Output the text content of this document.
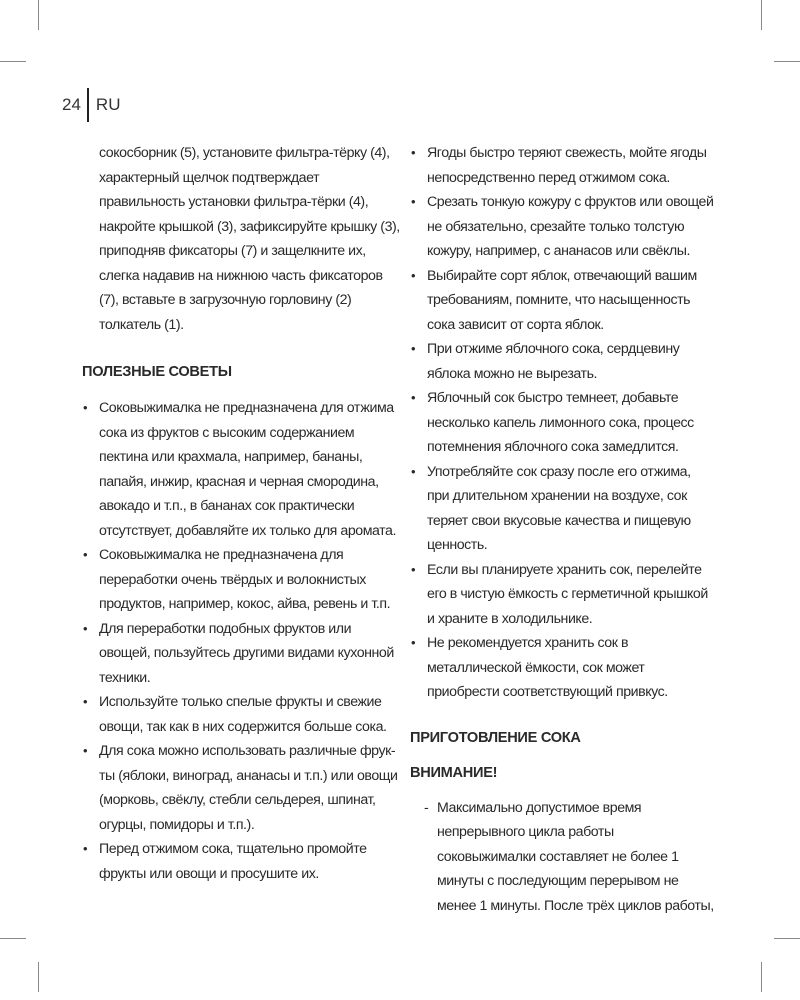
24 RU

сокосборник (5), установите фильтра-тёрку (4), характерный щелчок подтверждает правильность установки фильтра-тёрки (4), накройте крышкой (3), зафиксируйте крышку (3), приподняв фиксаторы (7) и защелкните их, слегка надавив на нижнюю часть фиксаторов (7), вставьте в загрузочную горловину (2) толкатель (1).

ПОЛЕЗНЫЕ СОВЕТЫ
• Соковыжималка не предназначена для отжима сока из фруктов с высоким содержанием пектина или крахмала, например, бананы, папайя, инжир, красная и черная смородина, авокадо и т.п., в бананах сок практически отсутствует, добавляйте их только для аромата.
• Соковыжималка не предназначена для переработки очень твёрдых и волокнистых продуктов, например, кокос, айва, ревень и т.п.
• Для переработки подобных фруктов или овощей, пользуйтесь другими видами кухонной техники.
• Используйте только спелые фрукты и свежие овощи, так как в них содержится больше сока.
• Для сока можно использовать различные фрукты (яблоки, виноград, ананасы и т.п.) или овощи (морковь, свёклу, стебли сельдерея, шпинат, огурцы, помидоры и т.п.).
• Перед отжимом сока, тщательно промойте фрукты или овощи и просушите их.
• Ягоды быстро теряют свежесть, мойте ягоды непосредственно перед отжимом сока.
• Срезать тонкую кожуру с фруктов или овощей не обязательно, срезайте только толстую кожуру, например, с ананасов или свёклы.
• Выбирайте сорт яблок, отвечающий вашим требованиям, помните, что насыщенность сока зависит от сорта яблок.
• При отжиме яблочного сока, сердцевину яблока можно не вырезать.
• Яблочный сок быстро темнеет, добавьте несколько капель лимонного сока, процесс потемнения яблочного сока замедлится.
• Употребляйте сок сразу после его отжима, при длительном хранении на воздухе, сок теряет свои вкусовые качества и пищевую ценность.
• Если вы планируете хранить сок, перелейте его в чистую ёмкость с герметичной крышкой и храните в холодильнике.
• Не рекомендуется хранить сок в металлической ёмкости, сок может приобрести соответствующий привкус.
ПРИГОТОВЛЕНИЕ СОКА
ВНИМАНИЕ!
- Максимально допустимое время непрерывного цикла работы соковыжималки составляет не более 1 минуты с последующим перерывом не менее 1 минуты. После трёх циклов работы,
